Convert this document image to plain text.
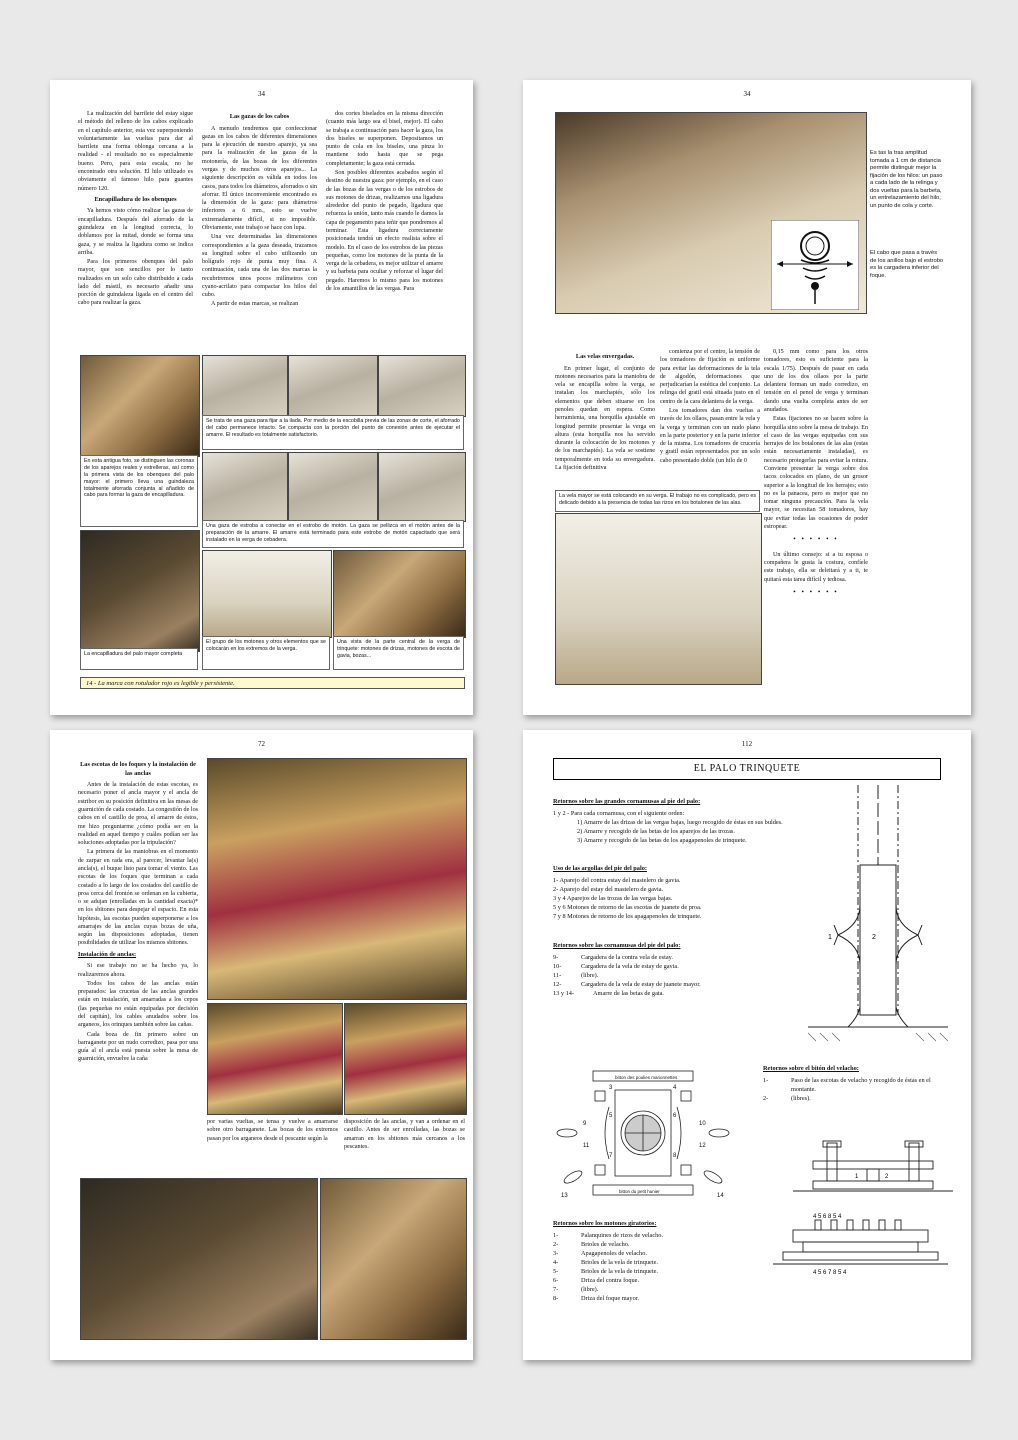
34

La realización del barrilete del estay sigue el método del relleno de los cabos explicado en el capítulo anterior, esta vez superponiendo voluntariamente las vueltas para dar al barrilete una forma oblonga cercana a la realidad - el resultado no es especialmente bueno. Pero, para esta escala, no he encontrado otra solución. El hilo utilizado es obviamente el famoso hilo para guantes número 120.

Encapilladura de los obenques

Ya hemos visto cómo realizar las gazas de encapilladura. Después del aforrado de la guindaleza en la longitud correcta, lo doblamos por la mitad, donde se forma una gaza, y se realiza la ligadura como se indica arriba.

Para los primeros obenques del palo mayor, que son sencillos por lo tanto realizados en un solo cabo distribuido a cada lado del mástil, es necesario añadir una porción de guindaleza ligada en el centro del cabo para realizar la gaza.

Las gazas de los cabos

A menudo tendremos que confeccionar gazas en los cabos de diferentes dimensiones para la ejecución de nuestro aparejo, ya sea para la realización de las gazas de la motonería, de las bozas de los diferentes vergas y de muchos otros aparejos... La siguiente descripción es válida en todos los casos, para todos los diámetros, aforrados o sin aforrar. El único inconveniente encontrado es la dimensión de la gaza: para diámetros inferiores a 6 mm., esto se vuelve extremadamente difícil, si no imposible. Obviamente, este trabajo se hace con lupa.

Una vez determinadas las dimensiones correspondientes a la gaza deseada, trazamos su longitud sobre el cubo utilizando un bolígrafo rojo de punta muy fina. A continuación, cada una de las dos marcas la recubriremos unos pocos milímetros con cyano-acrilato para compactar los hilos del cubo.

A partir de estas marcas, se realizan

dos cortes biselados en la misma dirección (cuanto más largo sea el bisel, mejor). El cabo se trabaja a continuación para hacer la gaza, los dos biseles se superponen. Depositamos un punto de cola en los biseles, una pinza lo mantiene todo hasta que se pega completamente; la gaza está cerrada.

Son posibles diferentes acabados según el destino de nuestra gaza: por ejemplo, en el caso de las bozas de las vergas o de los estrobos de sus motones de drizas, realizamos una ligadura alrededor del punto de pegado, ligadura que refuerza la unión, tanto más cuando le damos la capa de pegamento para teñir que pondremos al terminar. Esta ligadura correctamente posicionada tendrá un efecto realista sobre el modelo. En el caso de los estrobos de las piezas pequeñas, como los motones de la punta de la verga de la cebadera, es mejor utilizar el amarre y su barbeta para ocultar y reforzar el lugar del pegado. Haremos lo mismo para los motones de los amantillos de las vergas. Para

Se trata de una gaza para fijar a la ilada. Por medio de la escobilla previa de las zonas de corte, el aforrado del cabo permanece intacto. Se compacta con la porción del punto de conexión antes de ejecutar el amarre. El resultado es totalmente satisfactorio.
En esta antigua foto, se distinguen las coronas de los aparejos reales y estrelleras, así como la primera vista de los obenques del palo mayor: el primero lleva una guindaleza totalmente aforrada conjunta al añadido de cabo para formar la gaza de encapilladura.
Una gaza de estroba a conectar en el estrobo de motón. La gaza se pellizca en el motón antes de la preparación de la amarre. El amarre está terminado para este estrobo de motón capacitado que será instalado en la verga de cebadera.
La encapilladura del palo mayor completa
El grupo de los motones y otros elementos que se colocarán en los extremos de la verga.
Una vista de la parte central de la verga de trinquete: motones de drizas, motones de escota de gavia, bozas...
14 - La marca con rotulador rojo es legible y persistente.
34
Es tas la tras amplitud tomada a 1 cm de distancia permite distinguir mejor la fijación de los hilos: un paso a cada lado de la relinga y dos vueltas para la barbeta, un entrelazamiento del hilo, un punto de cola y corte.
El cabo que pasa a través de los anillos bajo el estrobo es la cargadera inferior del foque.
Las velas envergadas.

En primer lugar, el conjunto de motones necesarios para la maniobra de vela se encapilla sobre la verga, se instalan los marchapiés, sólo los elementos que deben situarse en los penoles quedan en espera. Como herramienta, una horquilla ajustable en longitud permite presentar la verga en altura (esta horquilla nos ha servido durante la colocación de los motones y de los marchapiés). La vela se sostiene temporalmente en toda su envergadura. La fijación definitiva

comienza por el centro, la tensión de los tomadores de fijación es uniforme para evitar las deformaciones de la tela de algodón, deformaciones que perjudicarían la estética del conjunto. La relinga del gratil está situada justo en el centro de la cara delantera de la verga.

Los tomadores dan dos vueltas a través de los ollaos, pasan entre la vela y la verga y terminan con un nudo plano en la parte posterior y en la parte inferior de la misma. Los tomadores de crucería y gratil están representados por un solo cabo presentado doble (un hilo de 0

0,15 mm como para los otros tomadores, esto es suficiente para la escala 1/75). Después de pasar en cada uno de los dos ollaos por la parte delantera forman un nudo corredizo, en tensión en el penol de verga y terminan dando una vuelta completa antes de ser anudados.

Estas fijaciones no se hacen sobre la horquilla sino sobre la mesa de trabajo. En el caso de las vergas equipadas con sus herrajes de los botalones de las alas (estas están necesariamente instaladas), es necesario protegerlas para evitar la rotura. Conviene presentar la verga sobre dos tacos colocados en plano, de un grosor superior a la longitud de los herrajes; esto no es la panacea, pero es mejor que no tomar ninguna precaución. Para la vela mayor, se necesitan 58 tomadores, hay que evitar todas las ocasiones de poder estropear.

• • • • • •

Un último consejo: si a tu esposa o compañera le gusta la costura, confíele este trabajo, ella se deleitará y a ti, te quitará esta tarea difícil y tediosa.

• • • • • •
La vela mayor se está colocando en su verga. El trabajo no es complicado, pero es delicado debido a la presencia de todas las rizos en los botalones de las alas.
72
Las escotas de los foques y la instalación de las anclas

Antes de la instalación de estas escotas, es necesario poner el ancla mayor y el ancla de estribor en su posición definitiva en las mesas de guarnición de cada costado. La congestión de los cabos en el castillo de proa, el amarre de éstos, me hizo preguntarme ¿cómo podía ser en la realidad en aquel tiempo y cuáles podían ser las soluciones adoptadas por la tripulación?

La primera de las maniobras en el momento de zarpar en rada era, al parecer, levantar la(s) ancla(s), el buque listo para tomar el viento. Las escotas de los foques que terminan a cada costado a lo largo de los costados del castillo de proa cerca del frontón se ordenan en la cubierta, o se adujan (enrolladas en la cantidad exacta)* en los sbitones para despejar el espacio. En esta hipótesis, las escotas pueden superponerse a los amarrajes de las anclas cuyas bozas de uña, según las disposiciones adoptadas, tienen posibilidades de utilizar los mismos sbitones.

Instalación de anclas:

Si ese trabajo no se ha hecho ya, lo realizaremos ahora.

Todos los cabos de las anclas están preparados: las crucetas de las anclas grandes están en instalación, un amarradas a los cepos (las pequeñas no están equipadas por decisión del capitán), los cables anudados sobre los arganeos, los orinques también sobre las cañas.

Cada boza de fin primero sobre un barraganete por un nudo corredizo, pasa por una guía al el ancla está puesta sobre la mesa de guarnición, envuelve la caña

por varias vueltas, se tensa y vuelve a amarrarse sobre otro barraganete. Las bozas de los extremos pasan por los arganeos desde el pescante según la

disposición de las anclas, y van a ordenar en el castillo. Antes de ser enrolladas, las bozas se amarran en los sbitones más cercanos a los pescantes.

112
EL PALO TRINQUETE
Retornos sobre las grandes cornamusas al pie del palo:
1 y 2 - Para cada cornamusa, con el siguiente orden:
1) Amarre de las drizas de las vergas bajas, luego recogido de éstas en sus buldes.
2) Amarre y recogido de las betas de los aparejos de las trozas.
3) Amarre y recogido de las betas de los apagapenoles de trinquete.
Uso de las argollas del pie del palo:
1- Aparejo del contra estay del mastelero de gavia.
2- Aparejo del estay del mastelero de gavia.
3 y 4 Aparejos de las trozas de las vergas bajas.
5 y 6 Motones de retorno de las escotas de juanete de proa.
7 y 8 Motones de retorno de los apagapenoles de trinquete.
Retornos sobre las cornamusas del pie del palo:
9-	Cargadera de la contra vela de estay.
10-	Cargadera de la vela de estay de gavia.
11-	(libre).
12-	Cargadera de la vela de estay de juanete mayor.
13 y 14-	Amarre de las betas de gata.
1	2
bitton des poulies marionnettes
bitton du petit hunier
3	4
5	6
7	8
9	10
11	12
13	14
Retornos sobre el bitón del velacho:
1-	Paso de las escotas de velacho y recogido de éstas en el montante.
2-	(libres).
1	2
4 5 6 8 5 4
4 5 6 7 8 5 4
Retornos sobre los motones giratorios:
1-	Palanquines de rizos de velacho.
2-	Brioles de velacho.
3-	Apagapenoles de velacho.
4-	Brioles de la vela de trinquete.
5-	Brioles de la vela de trinquete.
6-	Driza del contra foque.
7-	(libre).
8-	Driza del foque mayor.
